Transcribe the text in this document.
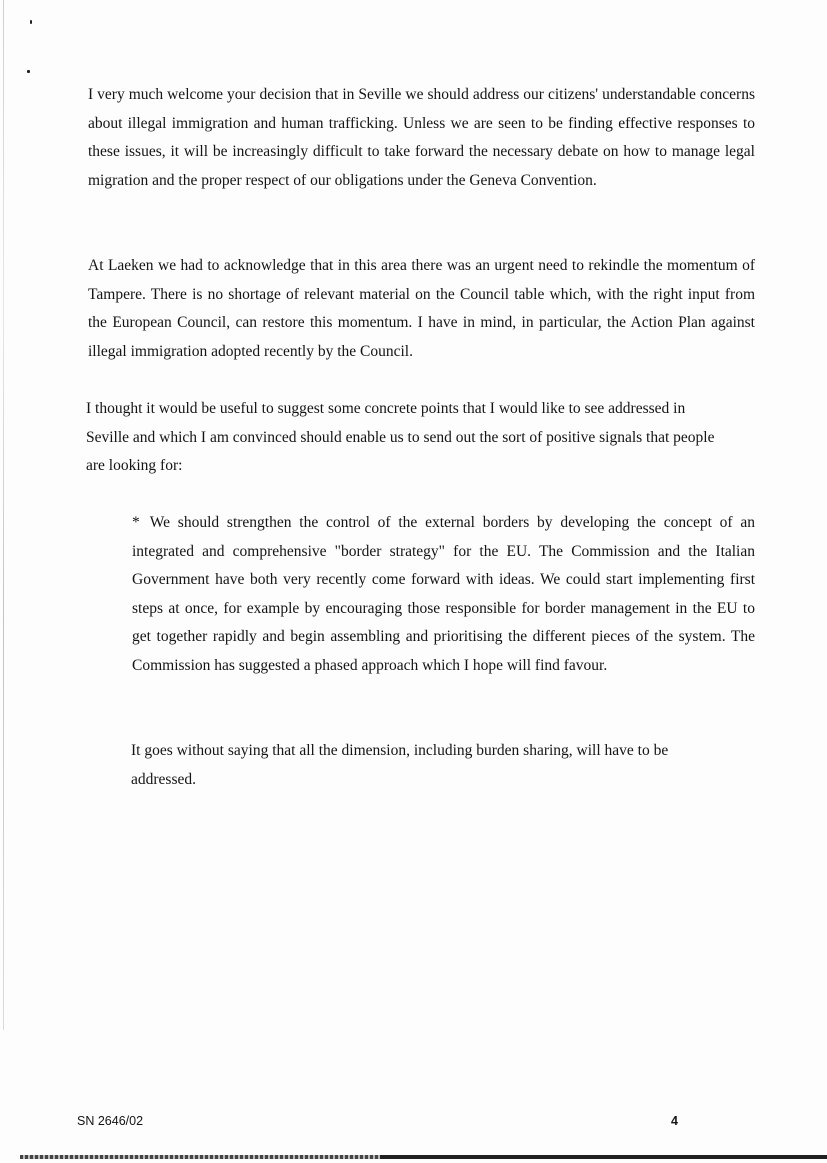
I very much welcome your decision that in Seville we should address our citizens' understandable concerns about illegal immigration and human trafficking. Unless we are seen to be finding effective responses to these issues, it will be increasingly difficult to take forward the necessary debate on how to manage legal migration and the proper respect of our obligations under the Geneva Convention.

At Laeken we had to acknowledge that in this area there was an urgent need to rekindle the momentum of Tampere. There is no shortage of relevant material on the Council table which, with the right input from the European Council, can restore this momentum. I have in mind, in particular, the Action Plan against illegal immigration adopted recently by the Council.

I thought it would be useful to suggest some concrete points that I would like to see addressed in Seville and which I am convinced should enable us to send out the sort of positive signals that people are looking for:

* We should strengthen the control of the external borders by developing the concept of an integrated and comprehensive "border strategy" for the EU. The Commission and the Italian Government have both very recently come forward with ideas. We could start implementing first steps at once, for example by encouraging those responsible for border management in the EU to get together rapidly and begin assembling and prioritising the different pieces of the system. The Commission has suggested a phased approach which I hope will find favour.

It goes without saying that all the dimension, including burden sharing, will have to be addressed.

SN 2646/02	4
